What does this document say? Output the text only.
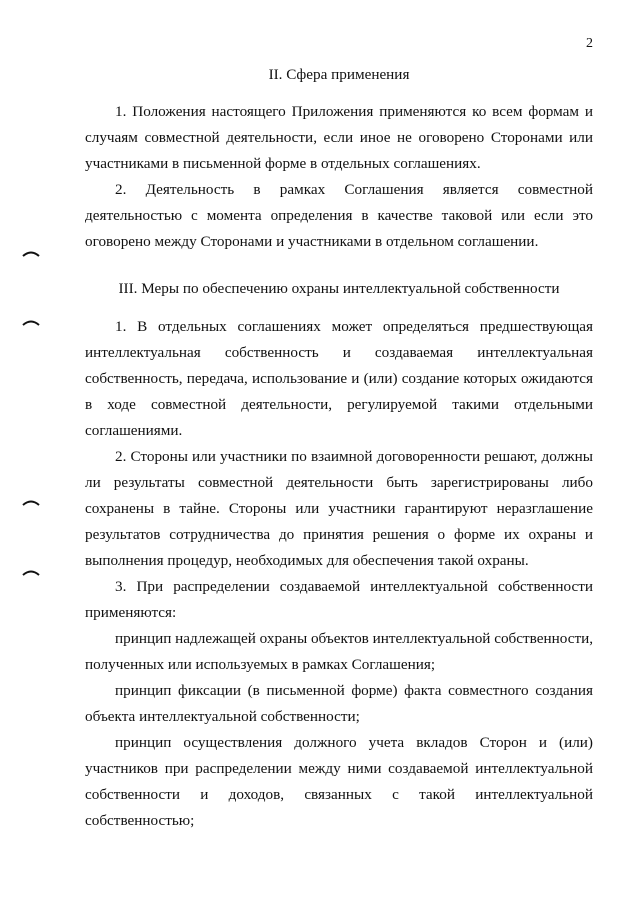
2
II. Сфера применения
1. Положения настоящего Приложения применяются ко всем формам и случаям совместной деятельности, если иное не оговорено Сторонами или участниками в письменной форме в отдельных соглашениях.
2. Деятельность в рамках Соглашения является совместной деятельностью с момента определения в качестве таковой или если это оговорено между Сторонами и участниками в отдельном соглашении.
III. Меры по обеспечению охраны интеллектуальной собственности
1. В отдельных соглашениях может определяться предшествующая интеллектуальная собственность и создаваемая интеллектуальная собственность, передача, использование и (или) создание которых ожидаются в ходе совместной деятельности, регулируемой такими отдельными соглашениями.
2. Стороны или участники по взаимной договоренности решают, должны ли результаты совместной деятельности быть зарегистрированы либо сохранены в тайне. Стороны или участники гарантируют неразглашение результатов сотрудничества до принятия решения о форме их охраны и выполнения процедур, необходимых для обеспечения такой охраны.
3. При распределении создаваемой интеллектуальной собственности применяются:
принцип надлежащей охраны объектов интеллектуальной собственности, полученных или используемых в рамках Соглашения;
принцип фиксации (в письменной форме) факта совместного создания объекта интеллектуальной собственности;
принцип осуществления должного учета вкладов Сторон и (или) участников при распределении между ними создаваемой интеллектуальной собственности и доходов, связанных с такой интеллектуальной собственностью;
